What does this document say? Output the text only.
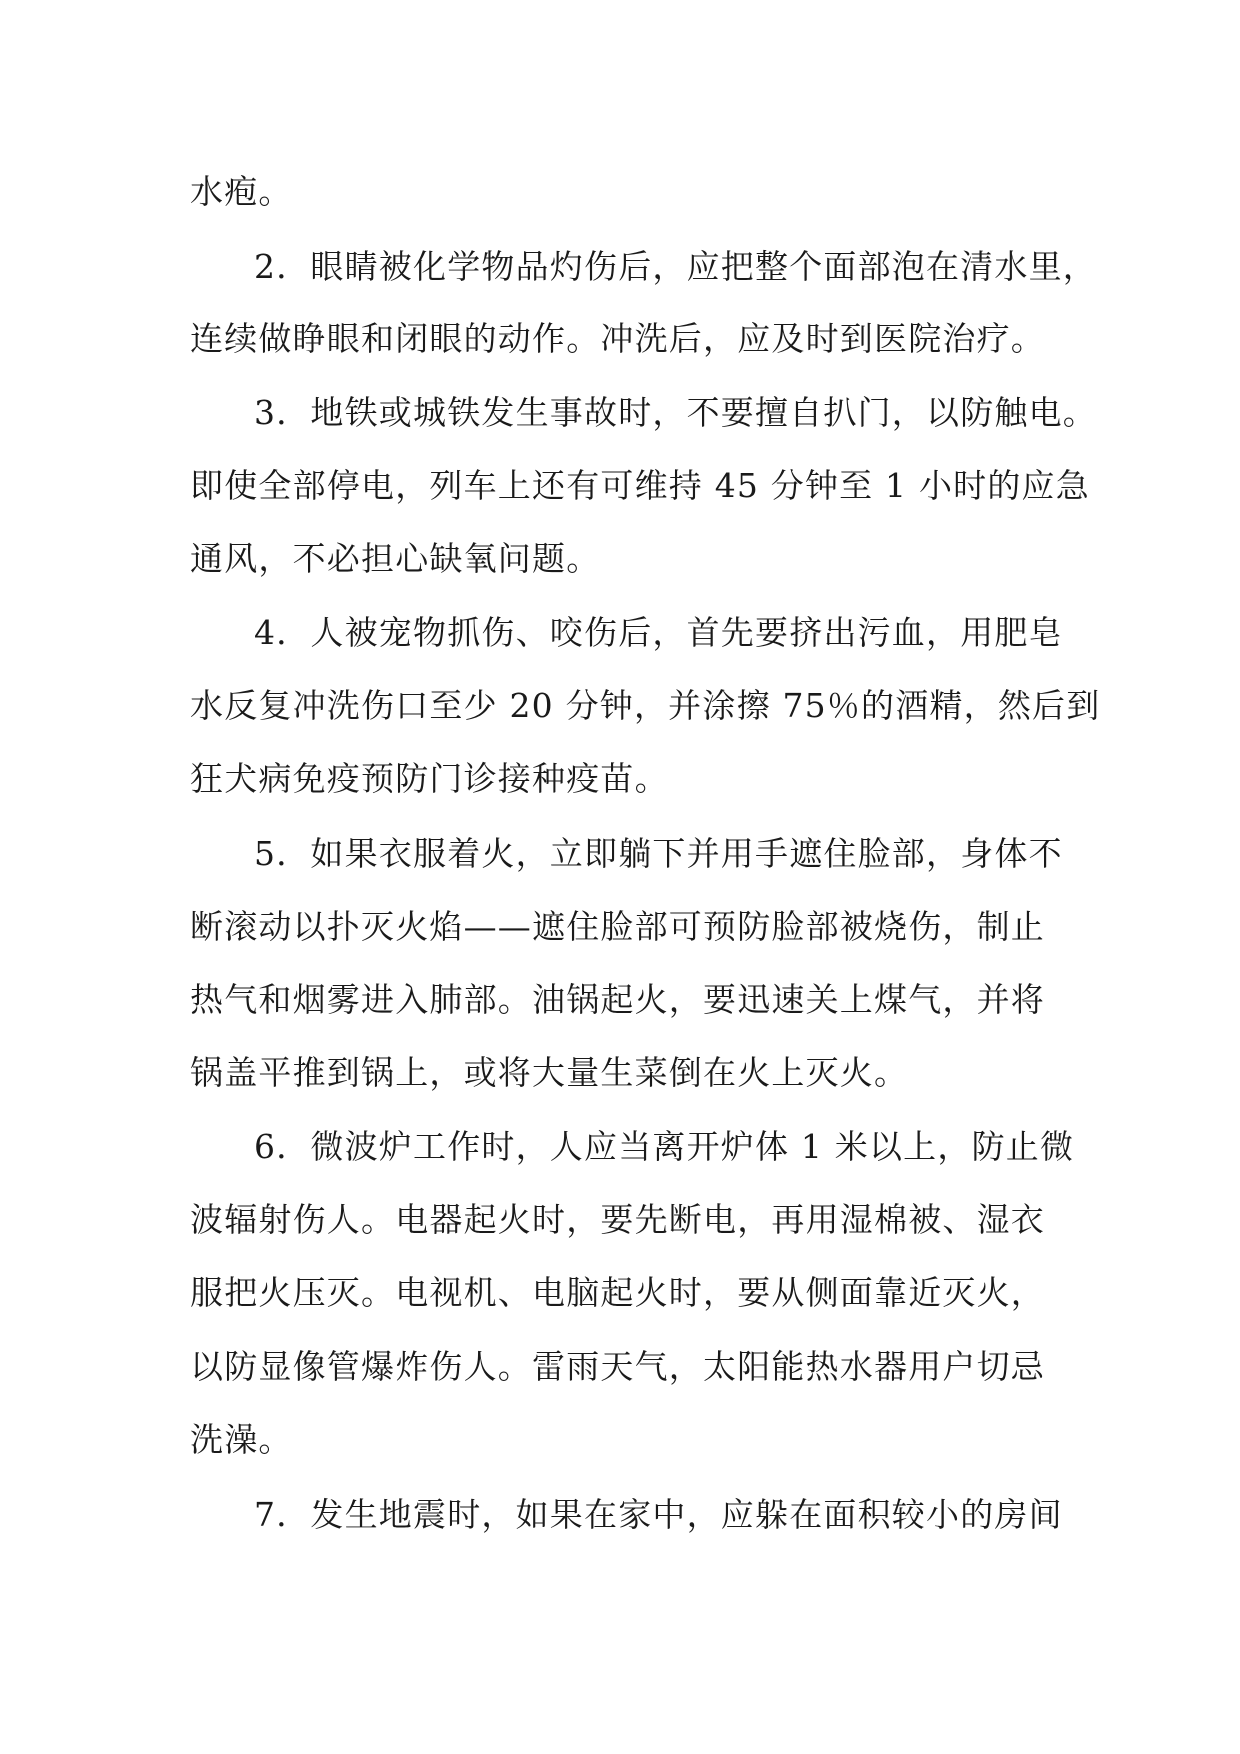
水疱。

2．眼睛被化学物品灼伤后，应把整个面部泡在清水里，

连续做睁眼和闭眼的动作。冲洗后，应及时到医院治疗。

3．地铁或城铁发生事故时，不要擅自扒门，以防触电。

即使全部停电，列车上还有可维持 45 分钟至 1 小时的应急

通风，不必担心缺氧问题。

4．人被宠物抓伤、咬伤后，首先要挤出污血，用肥皂

水反复冲洗伤口至少 20 分钟，并涂擦 75％的酒精，然后到

狂犬病免疫预防门诊接种疫苗。

5．如果衣服着火，立即躺下并用手遮住脸部，身体不

断滚动以扑灭火焰——遮住脸部可预防脸部被烧伤，制止

热气和烟雾进入肺部。油锅起火，要迅速关上煤气，并将

锅盖平推到锅上，或将大量生菜倒在火上灭火。

6．微波炉工作时，人应当离开炉体 1 米以上，防止微

波辐射伤人。电器起火时，要先断电，再用湿棉被、湿衣

服把火压灭。电视机、电脑起火时，要从侧面靠近灭火，

以防显像管爆炸伤人。雷雨天气，太阳能热水器用户切忌

洗澡。

7．发生地震时，如果在家中，应躲在面积较小的房间
